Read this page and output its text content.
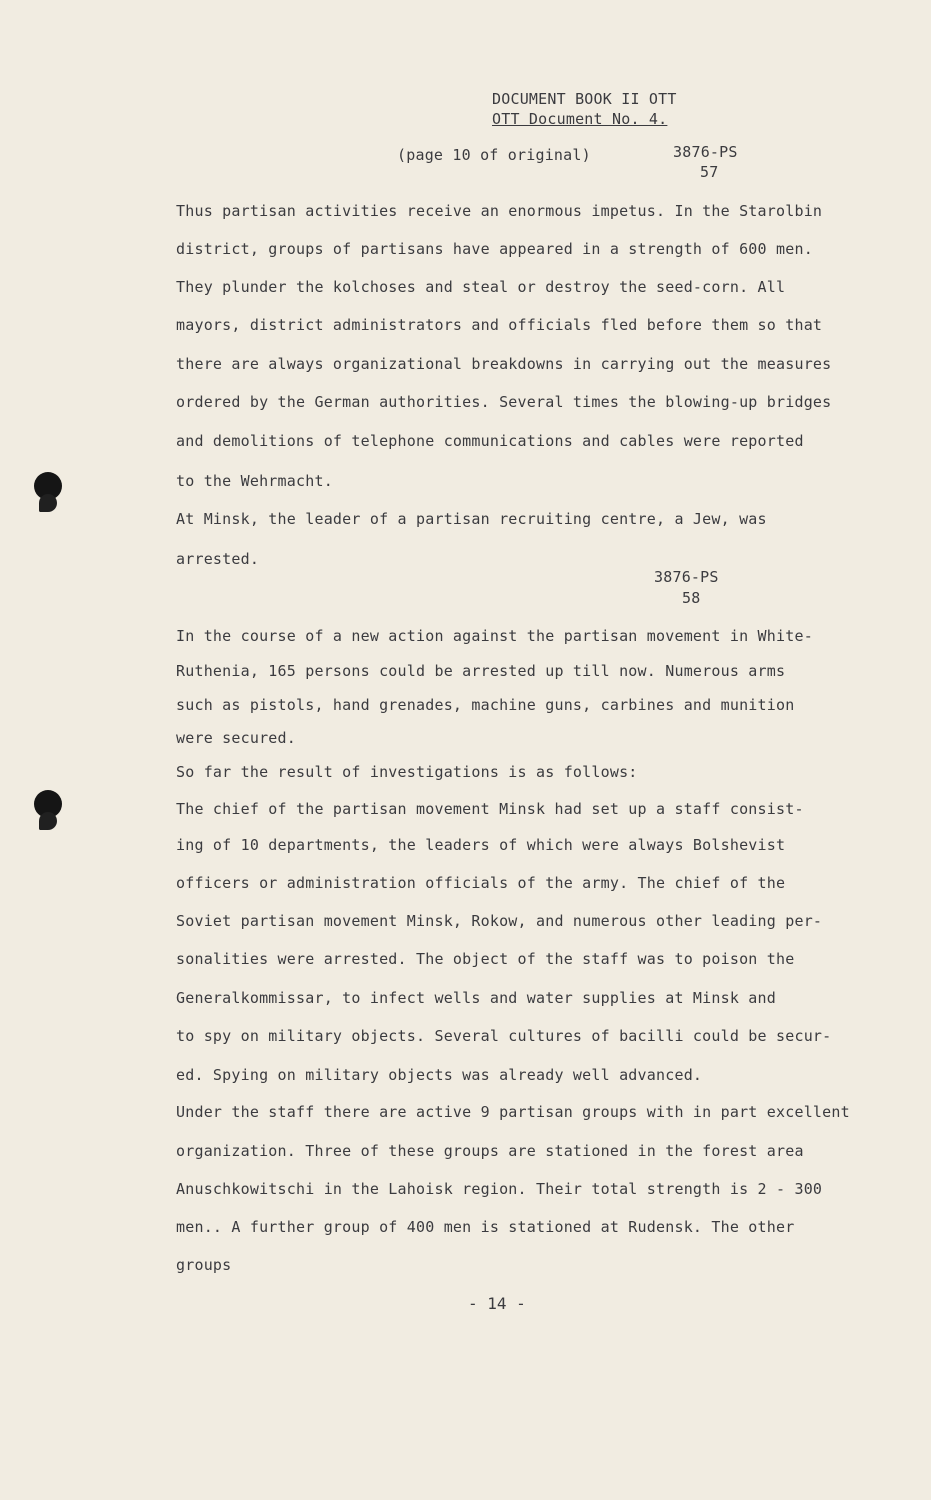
DOCUMENT BOOK II OTT
OTT Document No. 4.
(page 10 of original)	3876-PS
57
Thus partisan activities receive an enormous impetus. In the Starolbin
district, groups of partisans have appeared in a strength of 600 men.
They plunder the kolchoses and steal or destroy the seed-corn. All
mayors, district administrators and officials fled before them so that
there are always organizational breakdowns in carrying out the measures
ordered by the German authorities. Several times the blowing-up bridges
and demolitions of telephone communications and cables were reported
to the Wehrmacht.
At Minsk, the leader of a partisan recruiting centre, a Jew, was
arrested.
3876-PS
58
In the course of a new action against the partisan movement in White-
Ruthenia, 165 persons could be arrested up till now. Numerous arms
such as pistols, hand grenades, machine guns, carbines and munition
were secured.
So far the result of investigations is as follows:
The chief of the partisan movement Minsk had set up a staff consist-
ing of 10 departments, the leaders of which were always Bolshevist
officers or administration officials of the army. The chief of the
Soviet partisan movement Minsk, Rokow, and numerous other leading per-
sonalities were arrested. The object of the staff was to poison the
Generalkommissar, to infect wells and water supplies at Minsk and
to spy on military objects. Several cultures of bacilli could be secur-
ed. Spying on military objects was already well advanced.
Under the staff there are active 9 partisan groups with in part excellent
organization. Three of these groups are stationed in the forest area
Anuschkowitschi in the Lahoisk region. Their total strength is 2 - 300
men.. A further group of 400 men is stationed at Rudensk. The other
groups
- 14 -
